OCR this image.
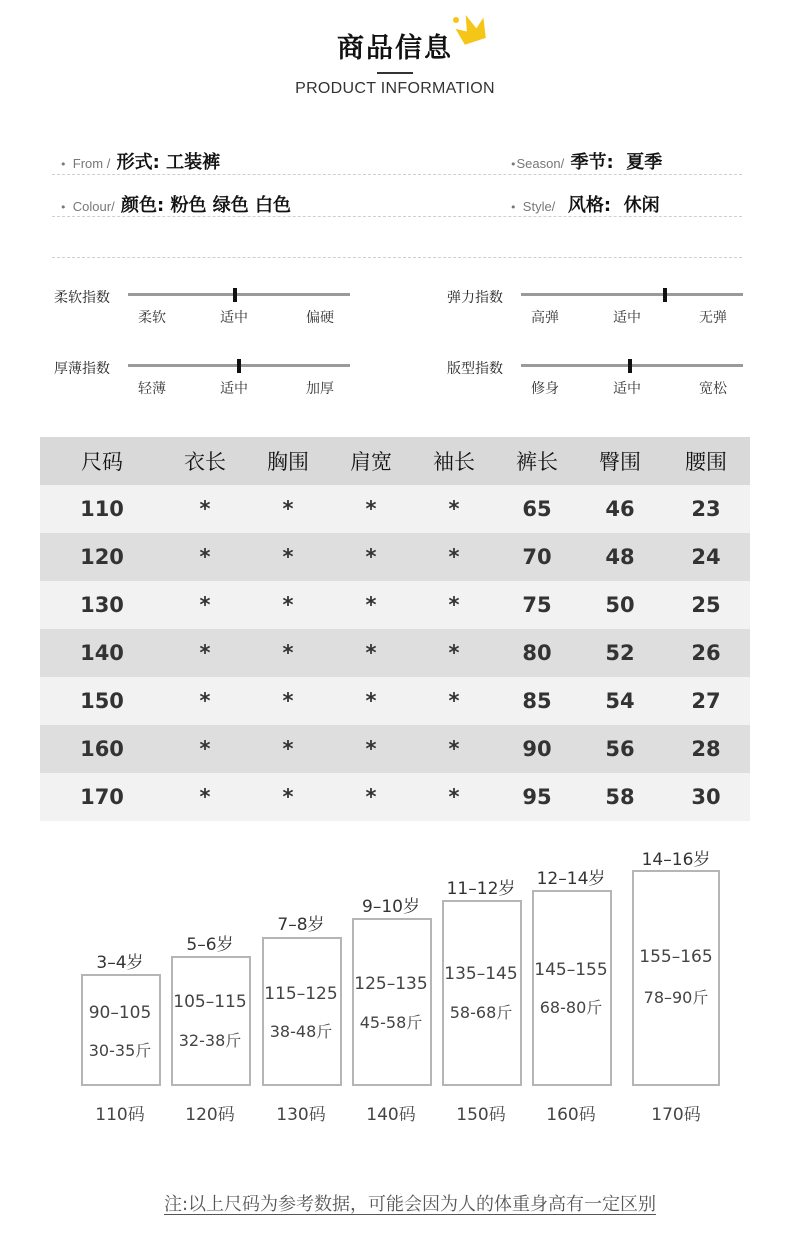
商品信息
PRODUCT INFORMATION
• From / 形式: 工装裤	•Season/ 季节: 夏季
• Colour/ 颜色: 粉色 绿色 白色	• Style/ 风格: 休闲
柔软指数
柔软	适中	偏硬
弹力指数
高弹	适中	无弹
厚薄指数
轻薄	适中	加厚
版型指数
修身	适中	宽松
尺码	衣长	胸围	肩宽	袖长	裤长	臀围	腰围
110	*	*	*	*	65	46	23
120	*	*	*	*	70	48	24
130	*	*	*	*	75	50	25
140	*	*	*	*	80	52	26
150	*	*	*	*	85	54	27
160	*	*	*	*	90	56	28
170	*	*	*	*	95	58	30
3–4岁
90–105
30-35斤
110码
5–6岁
105–115
32-38斤
120码
7–8岁
115–125
38-48斤
130码
9–10岁
125–135
45-58斤
140码
11–12岁
135–145
58-68斤
150码
12–14岁
145–155
68-80斤
160码
14–16岁
155–165
78–90斤
170码
注:以上尺码为参考数据，可能会因为人的体重身高有一定区别
